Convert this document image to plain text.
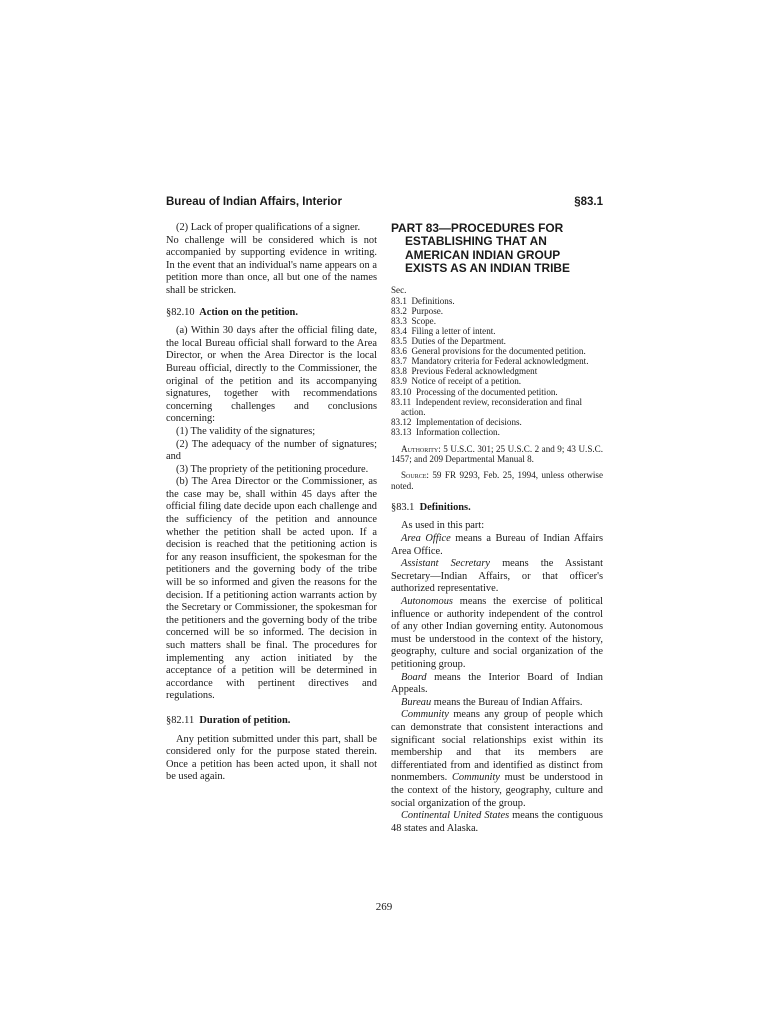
Bureau of Indian Affairs, Interior	§83.1

(2) Lack of proper qualifications of a signer.

No challenge will be considered which is not accompanied by supporting evidence in writing. In the event that an individual's name appears on a petition more than once, all but one of the names shall be stricken.

§82.10 Action on the petition.

(a) Within 30 days after the official filing date, the local Bureau official shall forward to the Area Director, or when the Area Director is the local Bureau official, directly to the Commissioner, the original of the petition and its accompanying signatures, together with recommendations concerning challenges and conclusions concerning:

(1) The validity of the signatures;

(2) The adequacy of the number of signatures; and

(3) The propriety of the petitioning procedure.

(b) The Area Director or the Commissioner, as the case may be, shall within 45 days after the official filing date decide upon each challenge and the sufficiency of the petition and announce whether the petition shall be acted upon. If a decision is reached that the petitioning action is for any reason insufficient, the spokesman for the petitioners and the governing body of the tribe will be so informed and given the reasons for the decision. If a petitioning action warrants action by the Secretary or Commissioner, the spokesman for the petitioners and the governing body of the tribe concerned will be so informed. The decision in such matters shall be final. The procedures for implementing any action initiated by the acceptance of a petition will be determined in accordance with pertinent directives and regulations.

§82.11 Duration of petition.

Any petition submitted under this part, shall be considered only for the purpose stated therein. Once a petition has been acted upon, it shall not be used again.

PART 83—PROCEDURES FOR ESTABLISHING THAT AN AMERICAN INDIAN GROUP EXISTS AS AN INDIAN TRIBE
Sec.
83.1 Definitions.
83.2 Purpose.
83.3 Scope.
83.4 Filing a letter of intent.
83.5 Duties of the Department.
83.6 General provisions for the documented petition.
83.7 Mandatory criteria for Federal acknowledgment.
83.8 Previous Federal acknowledgment
83.9 Notice of receipt of a petition.
83.10 Processing of the documented petition.
83.11 Independent review, reconsideration and final action.
83.12 Implementation of decisions.
83.13 Information collection.

Authority: 5 U.S.C. 301; 25 U.S.C. 2 and 9; 43 U.S.C. 1457; and 209 Departmental Manual 8.

Source: 59 FR 9293, Feb. 25, 1994, unless otherwise noted.

§83.1 Definitions.

As used in this part:

Area Office means a Bureau of Indian Affairs Area Office.

Assistant Secretary means the Assistant Secretary—Indian Affairs, or that officer's authorized representative.

Autonomous means the exercise of political influence or authority independent of the control of any other Indian governing entity. Autonomous must be understood in the context of the history, geography, culture and social organization of the petitioning group.

Board means the Interior Board of Indian Appeals.

Bureau means the Bureau of Indian Affairs.

Community means any group of people which can demonstrate that consistent interactions and significant social relationships exist within its membership and that its members are differentiated from and identified as distinct from nonmembers. Community must be understood in the context of the history, geography, culture and social organization of the group.

Continental United States means the contiguous 48 states and Alaska.

269
